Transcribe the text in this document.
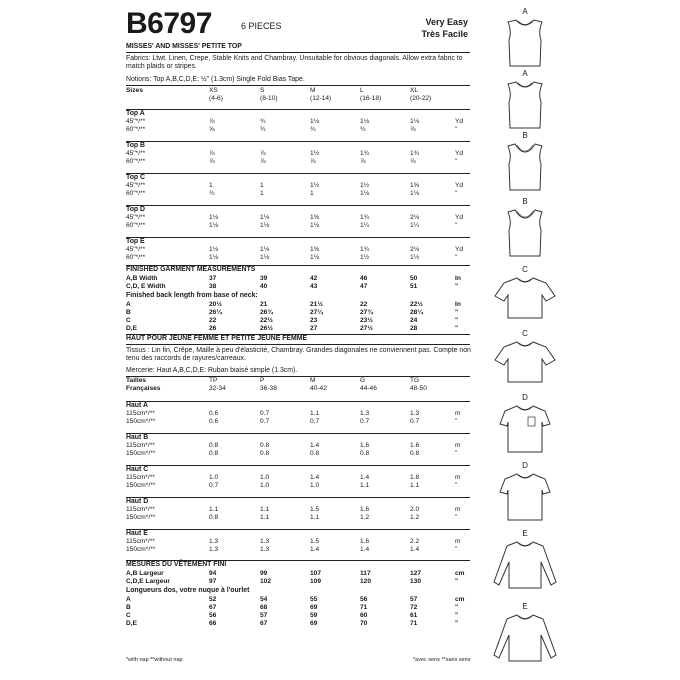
B6797	6 PIECES	Very Easy
Très Facile
MISSES' AND MISSES' PETITE TOP
Fabrics: Ltwt. Linen, Crepe, Stable Knits and Chambray. Unsuitable for obvious diagonals. Allow extra fabric to match plaids or stripes.
Notions: Top A,B,C,D,E: ½" (1.3cm) Single Fold Bias Tape.
Sizes	XS	S	M	L	XL
(4-6)	(8-10)	(12-14)	(16-18)	(20-22)
Top A
45"*/**	⅞	¾	1⅛	1⅛	1⅛	Yd
60"*/**	⅝	¾	¾	¾	⅞	"
Top B
45"*/**	⅞	⅞	1½	1¾	1¾	Yd
60"*/**	⅞	⅞	⅞	⅞	⅞	"
Top C
45"*/**	1	1	1½	1½	1⅝	Yd
60"*/**	¾	1	1	1⅛	1⅛	"
Top D
45"*/**	1⅛	1⅛	1⅝	1¾	2⅛	Yd
60"*/**	1⅛	1⅛	1⅛	1¼	1¼	"
Top E
45"*/**	1⅛	1⅛	1⅝	1¾	2⅛	Yd
60"*/**	1⅛	1⅛	1⅛	1½	1½	"
FINISHED GARMENT MEASUREMENTS
A,B Width	37	39	42	46	50	In
C,D, E Width	38	40	43	47	51	"
Finished back length from base of neck:
A	20½	21	21½	22	22½	In
B	26¼	26¾	27¼	27¾	28¼	"
C	22	22½	23	23½	24	"
D,E	26	26½	27	27½	28	"
HAUT POUR JEUNE FEMME ET PETITE JEUNE FEMME
Tissus : Lin fin, Crêpe, Maille à peu d'élasticité, Chambray. Grandes diagonales ne conviennent pas. Compte non tenu des raccords de rayures/carreaux.
Mercerie: Haut A,B,C,D,E: Ruban biaisé simple (1.3cm).
Tailles	TP	P	M	G	TG
Françaises	32-34	36-38	40-42	44-46	48-50
Haut A
115cm*/**	0.6	0.7	1.1	1.3	1.3	m
150cm*/**	0.6	0.7	0.7	0.7	0.7	"
Haut B
115cm*/**	0.8	0.8	1.4	1.6	1.6	m
150cm*/**	0.8	0.8	0.8	0.8	0.8	"
Haut C
115cm*/**	1.0	1.0	1.4	1.4	1.8	m
150cm*/**	0.7	1.0	1.0	1.1	1.1	"
Haut D
115cm*/**	1.1	1.1	1.5	1.6	2.0	m
150cm*/**	0.8	1.1	1.1	1.2	1.2	"
Haut E
115cm*/**	1.3	1.3	1.5	1.6	2.2	m
150cm*/**	1.3	1.3	1.4	1.4	1.4	"
MESURES DU VÊTEMENT FINI
A,B Largeur	94	99	107	117	127	cm
C,D,E Largeur	97	102	109	120	130	"
Longueurs dos, votre nuque à l'ourlet
A	52	54	55	56	57	cm
B	67	68	69	71	72	"
C	56	57	59	60	61	"
D,E	66	67	69	70	71	"
A
A
B
B
C
C
D
D
E
E
*with nap **without nap	*avec sens **sans sens
